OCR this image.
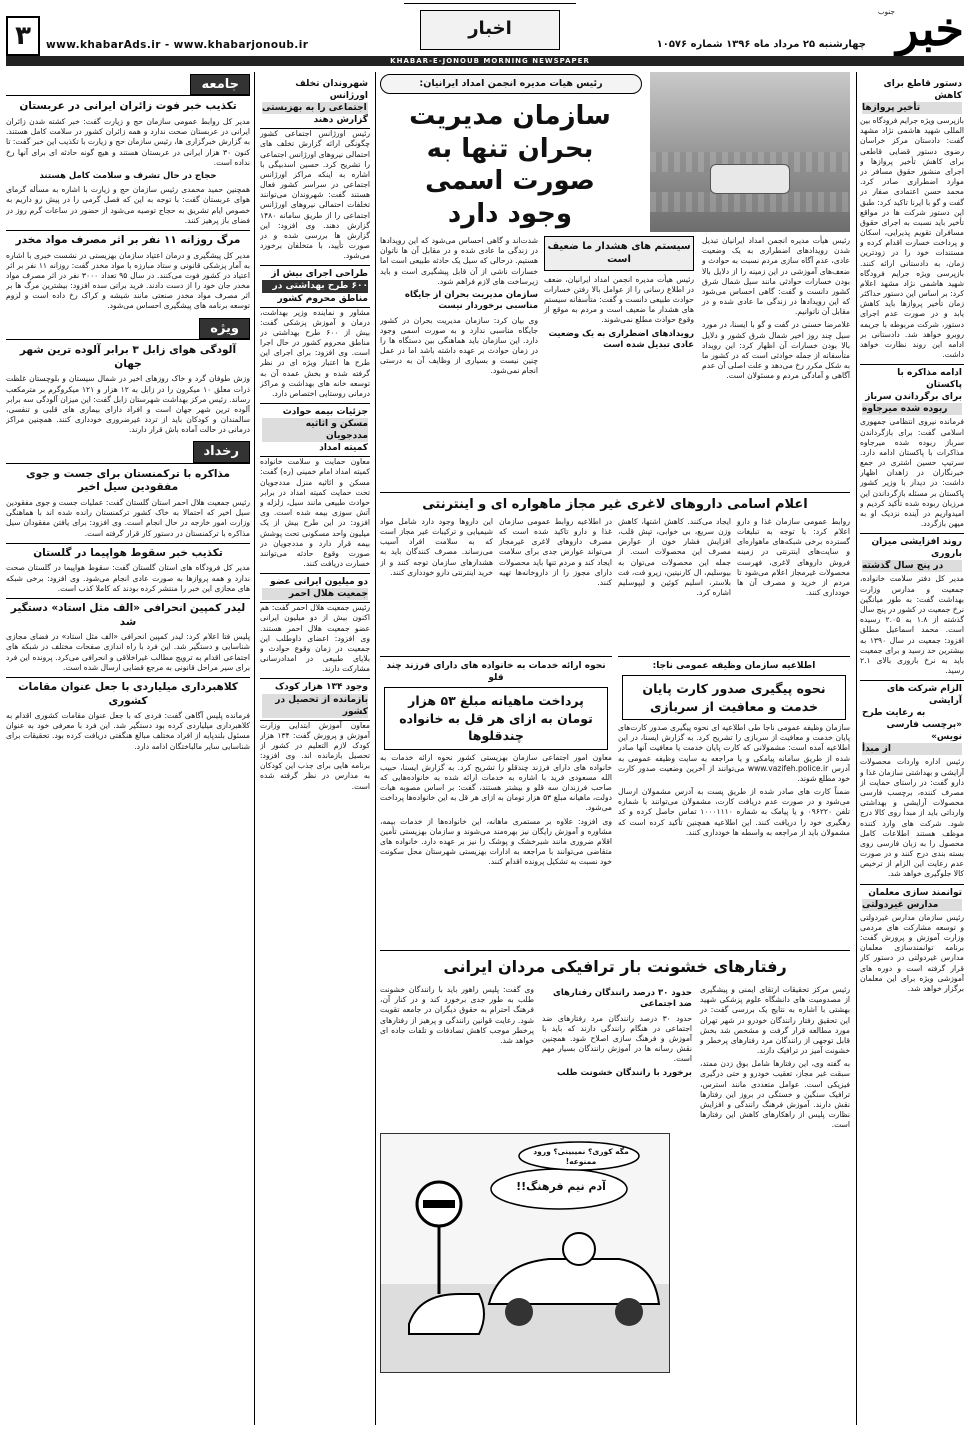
خبر
جنوب
چهارشنبه ۲۵ مرداد ماه ۱۳۹۶ شماره ۱۰۵۷۶
اخبار
www.khabarAds.ir - www.khabarjonoub.ir
۳
KHABAR-E-JONOUB MORNING NEWSPAPER
دستور قاطع برای کاهش
تأخیر پروازها

بازپرسی ویژه جرایم فرودگاه بین المللی شهید هاشمی نژاد مشهد گفت: دادستان مرکز خراسان رضوی دستور قضایی قاطعی برای کاهش تأخیر پروازها و اجرای منشور حقوق مسافر در موارد اضطراری صادر کرد. محمد حسن اعتمادی صفار در گفت و گو با ایرنا تاکید کرد: طبق این دستور شرکت ها در مواقع تأخیر باید نسبت به اجرای حقوق مسافران تقویم پذیرایی، اسکان و پرداخت خسارت اقدام کرده و مستندات خود را در زودترین زمان، به دادستانی ارائه کنند. بازپرسی ویژه جرایم فرودگاه شهید هاشمی نژاد مشهد اعلام کرد: بر اساس این دستور حداکثر زمان تأخیر پروازها باید کاهش یابد و در صورت عدم اجرای دستور، شرکت مربوطه با جریمه روبرو خواهد شد. دادستانی بر ادامه این روند نظارت خواهد داشت.

ادامه مذاکره با پاکستان
برای برگرداندن سرباز
ربوده شده میرجاوه

فرمانده نیروی انتظامی جمهوری اسلامی گفت: برای بازگرداندن سرباز ربوده شده میرجاوه مذاکرات با پاکستان ادامه دارد. سرتیپ حسین اشتری در جمع خبرنگاران در زاهدان اظهار داشت: در دیدار با وزیر کشور پاکستان بر مسئله بازگرداندن این مرزبان ربوده شده تأکید کردیم و امیدواریم در آینده نزدیک او به میهن بازگردد.

روند افزایشی میزان باروری
در پنج سال گذشته

مدیر کل دفتر سلامت خانواده، جمعیت و مدارس وزارت بهداشت گفت: به طور میانگین نرخ جمعیت در کشور در پنج سال گذشته از ۱.۸ به ۲.۰۵ رسیده است. محمد اسماعیل مطلق افزود: جمعیت در سال ۱۳۹۰ به بیشترین حد رسید و برای جمعیت باید به نرخ باروری بالای ۲.۱ رسید.

الزام شرکت های آرایشی
به رعایت طرح
«برچسب فارسی نویس»
از مبدأ

رئیس اداره واردات محصولات آرایشی و بهداشتی سازمان غذا و دارو گفت: در راستای حمایت از مصرف کننده، برچسب فارسی محصولات آرایشی و بهداشتی وارداتی باید از مبدأ روی کالا درج شود. شرکت های وارد کننده موظف هستند اطلاعات کامل محصول را به زبان فارسی روی بسته بندی درج کنند و در صورت عدم رعایت این الزام از ترخیص کالا جلوگیری خواهد شد.

توانمند سازی معلمان
مدارس غیردولتی

رئیس سازمان مدارس غیردولتی و توسعه مشارکت های مردمی وزارت آموزش و پرورش گفت: برنامه توانمندسازی معلمان مدارس غیردولتی در دستور کار قرار گرفته است و دوره های آموزشی ویژه برای این معلمان برگزار خواهد شد.

رئیس هیات مدیره انجمن امداد ایرانیان:
سازمان مدیریت بحران تنها به صورت اسمی وجود دارد

رئیس هیأت مدیره انجمن امداد ایرانیان تبدیل شدن رویدادهای اضطراری به یک وضعیت عادی، عدم آگاه سازی مردم نسبت به حوادث و ضعف‌های آموزشی در این زمینه را از دلایل بالا بودن خسارات حوادثی مانند سیل شمال شرق کشور دانست و گفت: گاهی احساس می‌شود که این رویدادها در زندگی ما عادی شده و در مقابل آن ناتوانیم.

غلامرضا حسنی در گفت و گو با ایسنا، در مورد سیل چند روز اخیر شمال شرق کشور و دلایل بالا بودن خسارات آن اظهار کرد: این رویداد متأسفانه از جمله حوادثی است که در کشور ما به شکل مکرر رخ می‌دهد و علت اصلی آن عدم آگاهی و آمادگی مردم و مسئولان است.

سیستم های هشدار ما ضعیف است

رئیس هیأت مدیره انجمن امداد ایرانیان، ضعف در اطلاع رسانی را از عوامل بالا رفتن خسارات حوادث طبیعی دانست و گفت: متأسفانه سیستم های هشدار ما ضعیف است و مردم به موقع از وقوع حوادث مطلع نمی‌شوند.

رویدادهای اضطراری به یک وضعیت عادی تبدیل شده است

شدت‌اند و گاهی احساس می‌شود که این رویدادها در زندگی ما عادی شده و در مقابل آن ها ناتوان هستیم. درحالی که سیل یک حادثه طبیعی است اما خسارات ناشی از آن قابل پیشگیری است و باید زیرساخت های لازم فراهم شود.

سازمان مدیریت بحران از جایگاه مناسبی برخوردار نیست

وی بیان کرد: سازمان مدیریت بحران در کشور جایگاه مناسبی ندارد و به صورت اسمی وجود دارد. این سازمان باید هماهنگی بین دستگاه ها را در زمان حوادث بر عهده داشته باشد اما در عمل چنین نیست و بسیاری از وظایف آن به درستی انجام نمی‌شود.

اعلام اسامی داروهای لاغری غیر مجاز ماهواره ای و اینترنتی

روابط عمومی سازمان غذا و دارو اعلام کرد: با توجه به تبلیغات گسترده برخی شبکه‌های ماهواره‌ای و سایت‌های اینترنتی در زمینه فروش داروهای لاغری، فهرست محصولات غیرمجاز اعلام می‌شود تا مردم از خرید و مصرف آن ها خودداری کنند.

ایجاد می‌کنند. کاهش اشتها، کاهش وزن سریع، بی خوابی، تپش قلب، افزایش فشار خون از عوارض مصرف این محصولات است. از جمله این محصولات می‌توان به بیوسلیم، ال کارنیتین، زیرو فت، فت بلاستر، اسلیم کوئین و لیپوسلیم اشاره کرد.

در اطلاعیه روابط عمومی سازمان غذا و دارو تاکید شده است که مصرف داروهای لاغری غیرمجاز می‌تواند عوارض جدی برای سلامت ایجاد کند و مردم تنها باید محصولات دارای مجوز را از داروخانه‌ها تهیه کنند.

این داروها وجود دارد شامل مواد شیمیایی و ترکیبات غیر مجاز است که به سلامت افراد آسیب می‌رساند. مصرف کنندگان باید به هشدارهای سازمان توجه کنند و از خرید اینترنتی دارو خودداری کنند.

اطلاعیه سازمان وظیفه عمومی ناجا:
نحوه پیگیری صدور کارت پایان خدمت و معافیت از سربازی

سازمان وظیفه عمومی ناجا طی اطلاعیه ای نحوه پیگیری صدور کارت‌های پایان خدمت و معافیت از سربازی را تشریح کرد. به گزارش ایسنا، در این اطلاعیه آمده است: مشمولانی که کارت پایان خدمت یا معافیت آنها صادر شده از طریق سامانه پیامکی و یا مراجعه به سایت وظیفه عمومی به آدرس www.vazifeh.police.ir می‌توانند از آخرین وضعیت صدور کارت خود مطلع شوند.

ضمناً کارت های صادر شده از طریق پست به آدرس مشمولان ارسال می‌شود و در صورت عدم دریافت کارت، مشمولان می‌توانند با شماره تلفن ۰۹۶۲۲۰ و یا پیامک به شماره ۱۰۰۰۱۱۱۰ تماس حاصل کرده و کد رهگیری خود را دریافت کنند. این اطلاعیه همچنین تأکید کرده است که مشمولان باید از مراجعه به واسطه ها خودداری کنند.

نحوه ارائه خدمات به خانواده های دارای فرزند چند قلو
پرداخت ماهیانه مبلغ ۵۳ هزار تومان به ازای هر قل به خانواده چندقلوها

معاون امور اجتماعی سازمان بهزیستی کشور نحوه ارائه خدمات به خانواده های دارای فرزند چندقلو را تشریح کرد. به گزارش ایسنا، حبیب الله مسعودی فرید با اشاره به خدمات ارائه شده به خانواده‌هایی که صاحب فرزندان سه قلو و بیشتر هستند، گفت: بر اساس مصوبه هیات دولت، ماهیانه مبلغ ۵۳ هزار تومان به ازای هر قل به این خانواده‌ها پرداخت می‌شود.

وی افزود: علاوه بر مستمری ماهانه، این خانواده‌ها از خدمات بیمه، مشاوره و آموزش رایگان نیز بهره‌مند می‌شوند و سازمان بهزیستی تأمین اقلام ضروری مانند شیرخشک و پوشک را نیز بر عهده دارد. خانواده های متقاضی می‌توانند با مراجعه به ادارات بهزیستی شهرستان محل سکونت خود نسبت به تشکیل پرونده اقدام کنند.

رفتارهای خشونت بار ترافیکی مردان ایرانی

رئیس مرکز تحقیقات ارتقای ایمنی و پیشگیری از مصدومیت های دانشگاه علوم پزشکی شهید بهشتی با اشاره به نتایج یک بررسی گفت: در این تحقیق رفتار رانندگان خودرو در شهر تهران مورد مطالعه قرار گرفت و مشخص شد بخش قابل توجهی از رانندگان مرد رفتارهای پرخطر و خشونت آمیز در ترافیک دارند.

به گفته وی، این رفتارها شامل بوق زدن ممتد، سبقت غیر مجاز، تعقیب خودرو و حتی درگیری فیزیکی است. عوامل متعددی مانند استرس، ترافیک سنگین و خستگی در بروز این رفتارها نقش دارند. آموزش فرهنگ رانندگی و افزایش نظارت پلیس از راهکارهای کاهش این رفتارها است.

حدود ۳۰ درصد رانندگان رفتارهای ضد اجتماعی

حدود ۳۰ درصد رانندگان مرد رفتارهای ضد اجتماعی در هنگام رانندگی دارند که باید با آموزش و فرهنگ سازی اصلاح شود. همچنین نقش رسانه ها در آموزش رانندگان بسیار مهم است.

برخورد با رانندگان خشونت طلب

وی گفت: پلیس راهور باید با رانندگان خشونت طلب به طور جدی برخورد کند و در کنار آن، فرهنگ احترام به حقوق دیگران در جامعه تقویت شود. رعایت قوانین رانندگی و پرهیز از رفتارهای پرخطر موجب کاهش تصادفات و تلفات جاده ای خواهد شد.

مگه کوری؟ نمیبینی؟ ورود ممنوعه!
آدم نیم فرهنگ!!
شهروندان تخلف اورژانس
اجتماعی را به بهزیستی
گزارش دهند

رئیس اورژانس اجتماعی کشور چگونگی ارائه گزارش تخلف های احتمالی نیروهای اورژانس اجتماعی را تشریح کرد. حسین اسدبیگی با اشاره به اینکه مراکز اورژانس اجتماعی در سراسر کشور فعال هستند گفت: شهروندان می‌توانند تخلفات احتمالی نیروهای اورژانس اجتماعی را از طریق سامانه ۱۴۸۰ گزارش دهند. وی افزود: این گزارش ها بررسی شده و در صورت تأیید، با متخلفان برخورد می‌شود.

طراحی اجرای بیش از
۶۰۰ طرح بهداشتی در
مناطق محروم کشور

مشاور و نماینده وزیر بهداشت، درمان و آموزش پزشکی گفت: بیش از ۶۰۰ طرح بهداشتی در مناطق محروم کشور در حال اجرا است. وی افزود: برای اجرای این طرح ها اعتبار ویژه ای در نظر گرفته شده و بخش عمده آن به توسعه خانه های بهداشت و مراکز درمانی روستایی اختصاص دارد.

جزئیات بیمه حوادث
مسکن و اثاثیه مددجویان
کمیته امداد

معاون حمایت و سلامت خانواده کمیته امداد امام خمینی (ره) گفت: مسکن و اثاثیه منزل مددجویان تحت حمایت کمیته امداد در برابر حوادث طبیعی مانند سیل، زلزله و آتش سوزی بیمه شده است. وی افزود: در این طرح بیش از یک میلیون واحد مسکونی تحت پوشش بیمه قرار دارد و مددجویان در صورت وقوع حادثه می‌توانند خسارت دریافت کنند.

دو میلیون ایرانی عضو
جمعیت هلال احمر

رئیس جمعیت هلال احمر گفت: هم اکنون بیش از دو میلیون ایرانی عضو جمعیت هلال احمر هستند. وی افزود: اعضای داوطلب این جمعیت در زمان وقوع حوادث و بلایای طبیعی در امدادرسانی مشارکت دارند.

وجود ۱۳۴ هزار کودک
بازمانده از تحصیل در کشور

معاون آموزش ابتدایی وزارت آموزش و پرورش گفت: ۱۳۴ هزار کودک لازم التعلیم در کشور از تحصیل بازمانده اند. وی افزود: برنامه هایی برای جذب این کودکان به مدارس در نظر گرفته شده است.

جامعه
تکذیب خبر فوت زائران ایرانی در عربستان

مدیر کل روابط عمومی سازمان حج و زیارت گفت: خبر کشته شدن زائران ایرانی در عربستان صحت ندارد و همه زائران کشور در سلامت کامل هستند. به گزارش خبرگزاری ها، رئیس سازمان حج و زیارت با تکذیب این خبر گفت: تا کنون ۳۰ هزار ایرانی در عربستان هستند و هیچ گونه حادثه ای برای آنها رخ نداده است.

حجاج در حال تشرف و سلامت کامل هستند

همچنین حمید محمدی رئیس سازمان حج و زیارت با اشاره به مسأله گرمای هوای عربستان گفت: با توجه به این که فصل گرمی را در پیش رو داریم به خصوص ایام تشریق به حجاج توصیه می‌شود از حضور در ساعات گرم روز در فضای باز پرهیز کنند.

مرگ روزانه ۱۱ نفر بر اثر مصرف مواد مخدر

مدیر کل پیشگیری و درمان اعتیاد سازمان بهزیستی در نشست خبری با اشاره به آمار پزشکی قانونی و ستاد مبارزه با مواد مخدر گفت: روزانه ۱۱ نفر بر اثر اعتیاد در کشور فوت می‌کنند. در سال ۹۵ تعداد ۳۰۰۰ نفر در اثر مصرف مواد مخدر جان خود را از دست دادند. فرید براتی سده افزود: بیشترین مرگ ها بر اثر مصرف مواد مخدر صنعتی مانند شیشه و کراک رخ داده است و لزوم توسعه برنامه های پیشگیری احساس می‌شود.

ویژه
آلودگی هوای زابل ۳ برابر آلوده ترین شهر جهان

وزش طوفان گرد و خاک روزهای اخیر در شمال سیستان و بلوچستان غلظت ذرات معلق ۱۰ میکرون را در زابل به ۱۲ هزار و ۱۲۱ میکروگرم بر مترمکعب رساند. رئیس مرکز بهداشت شهرستان زابل گفت: این میزان آلودگی سه برابر آلوده ترین شهر جهان است و افراد دارای بیماری های قلبی و تنفسی، سالمندان و کودکان باید از تردد غیرضروری خودداری کنند. همچنین مراکز درمانی در حالت آماده باش قرار دارند.

رخداد
مذاکره با ترکمنستان برای جست و جوی مفقودین سیل اخیر

رئیس جمعیت هلال احمر استان گلستان گفت: عملیات جست و جوی مفقودین سیل اخیر که احتمالا به خاک کشور ترکمنستان رانده شده اند با هماهنگی وزارت امور خارجه در حال انجام است. وی افزود: برای یافتن مفقودان سیل مذاکره با ترکمنستان در دستور کار قرار گرفته است.

تکذیب خبر سقوط هواپیما در گلستان

مدیر کل فرودگاه های استان گلستان گفت: سقوط هواپیما در گلستان صحت ندارد و همه پروازها به صورت عادی انجام می‌شود. وی افزود: برخی شبکه های مجازی این خبر را منتشر کرده بودند که کاملا کذب است.

لیدر کمپین انحرافی «الف مثل استاد» دستگیر شد

پلیس فتا اعلام کرد: لیدر کمپین انحرافی «الف مثل استاد» در فضای مجازی شناسایی و دستگیر شد. این فرد با راه اندازی صفحات مختلف در شبکه های اجتماعی اقدام به ترویج مطالب غیراخلاقی و انحرافی می‌کرد. پرونده این فرد برای سیر مراحل قانونی به مرجع قضایی ارسال شده است.

کلاهبرداری میلیاردی با جعل عنوان مقامات کشوری

فرمانده پلیس آگاهی گفت: فردی که با جعل عنوان مقامات کشوری اقدام به کلاهبرداری میلیاردی کرده بود دستگیر شد. این فرد با معرفی خود به عنوان مسئول بلندپایه از افراد مختلف مبالغ هنگفتی دریافت کرده بود. تحقیقات برای شناسایی سایر مالباختگان ادامه دارد.
